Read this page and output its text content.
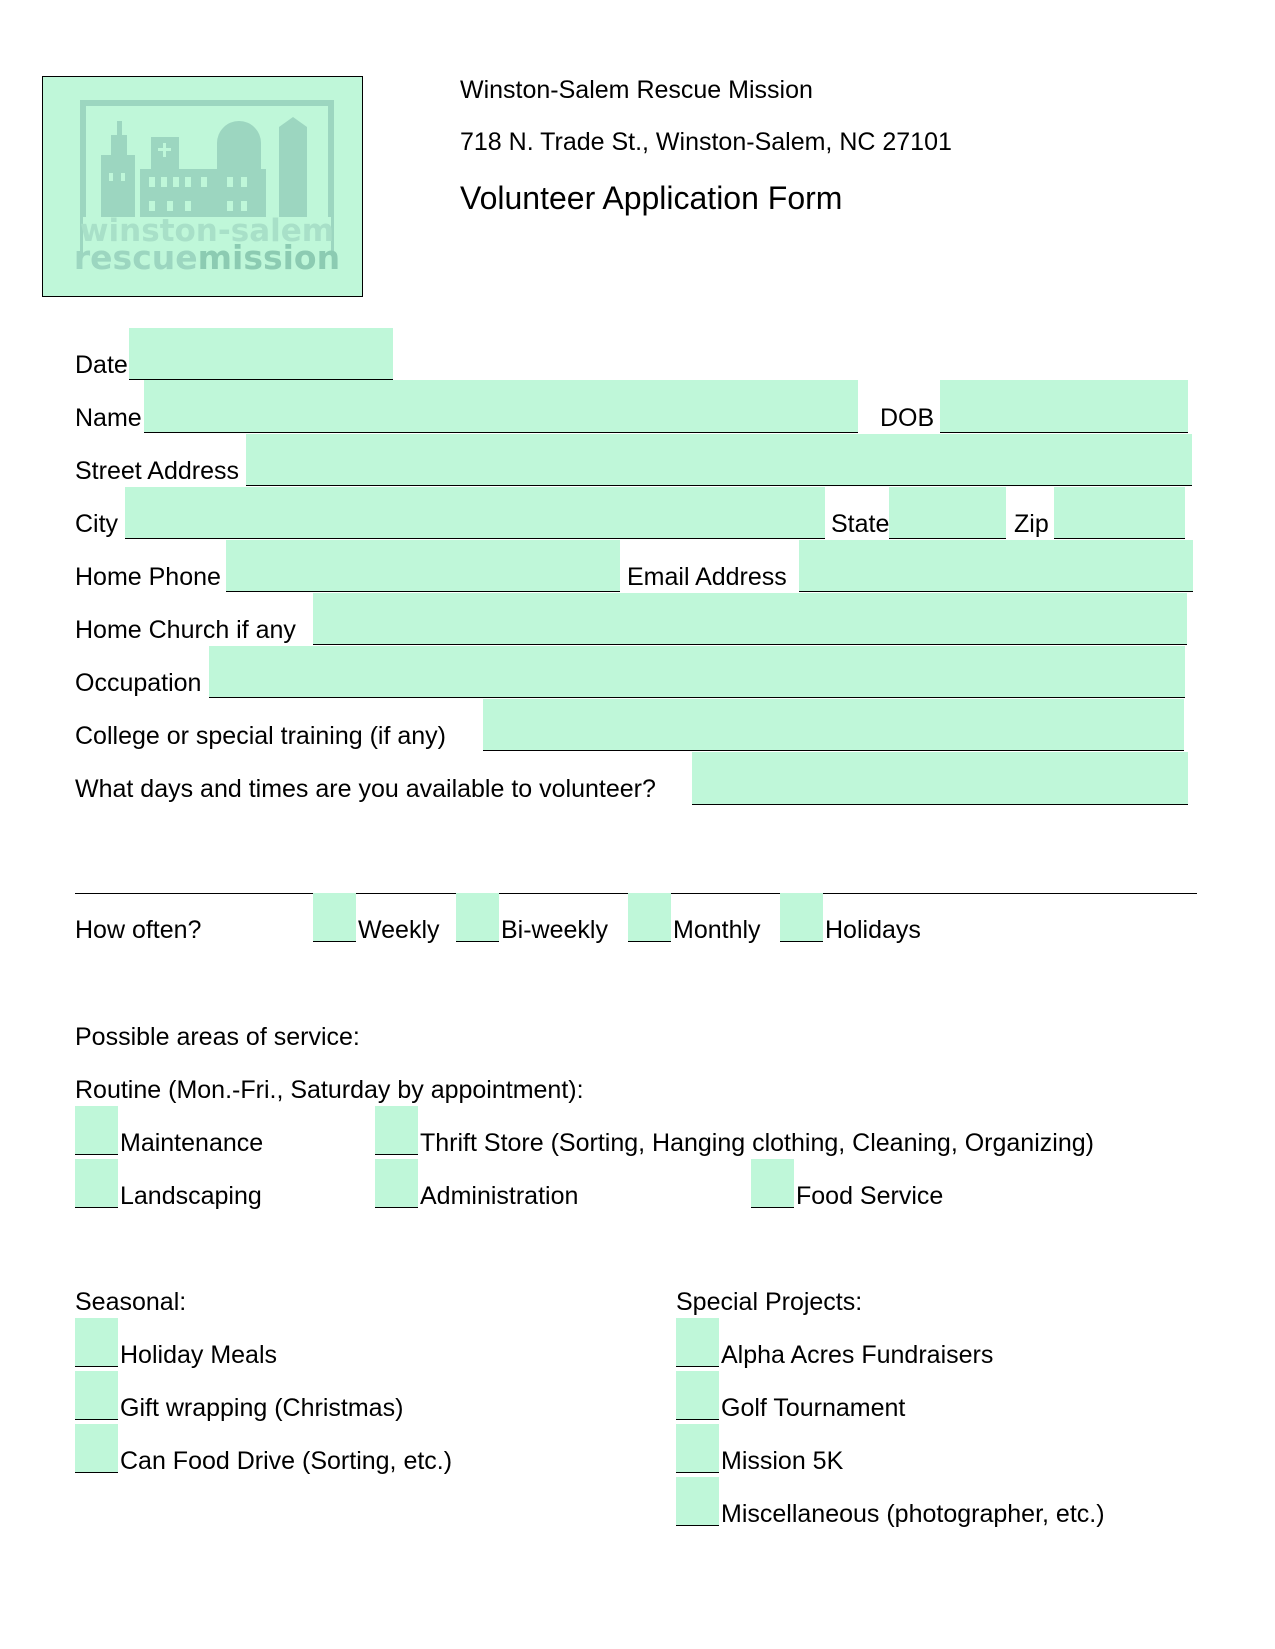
winston-salem
rescuemission
Winston-Salem Rescue Mission
718 N. Trade St., Winston-Salem, NC 27101
Volunteer Application Form
Date
Name	DOB
Street Address
City	State	Zip
Home Phone	Email Address
Home Church if any
Occupation
College or special training (if any)
What days and times are you available to volunteer?
How often?	Weekly Bi-weekly	Monthly	Holidays
Possible areas of service:
Routine (Mon.-Fri., Saturday by appointment):
Maintenance	Thrift Store (Sorting, Hanging clothing, Cleaning, Organizing)
Landscaping	Administration	Food Service
Seasonal:
Holiday Meals
Gift wrapping (Christmas)
Can Food Drive (Sorting, etc.)
Special Projects:
Alpha Acres Fundraisers
Golf Tournament
Mission 5K
Miscellaneous (photographer, etc.)
